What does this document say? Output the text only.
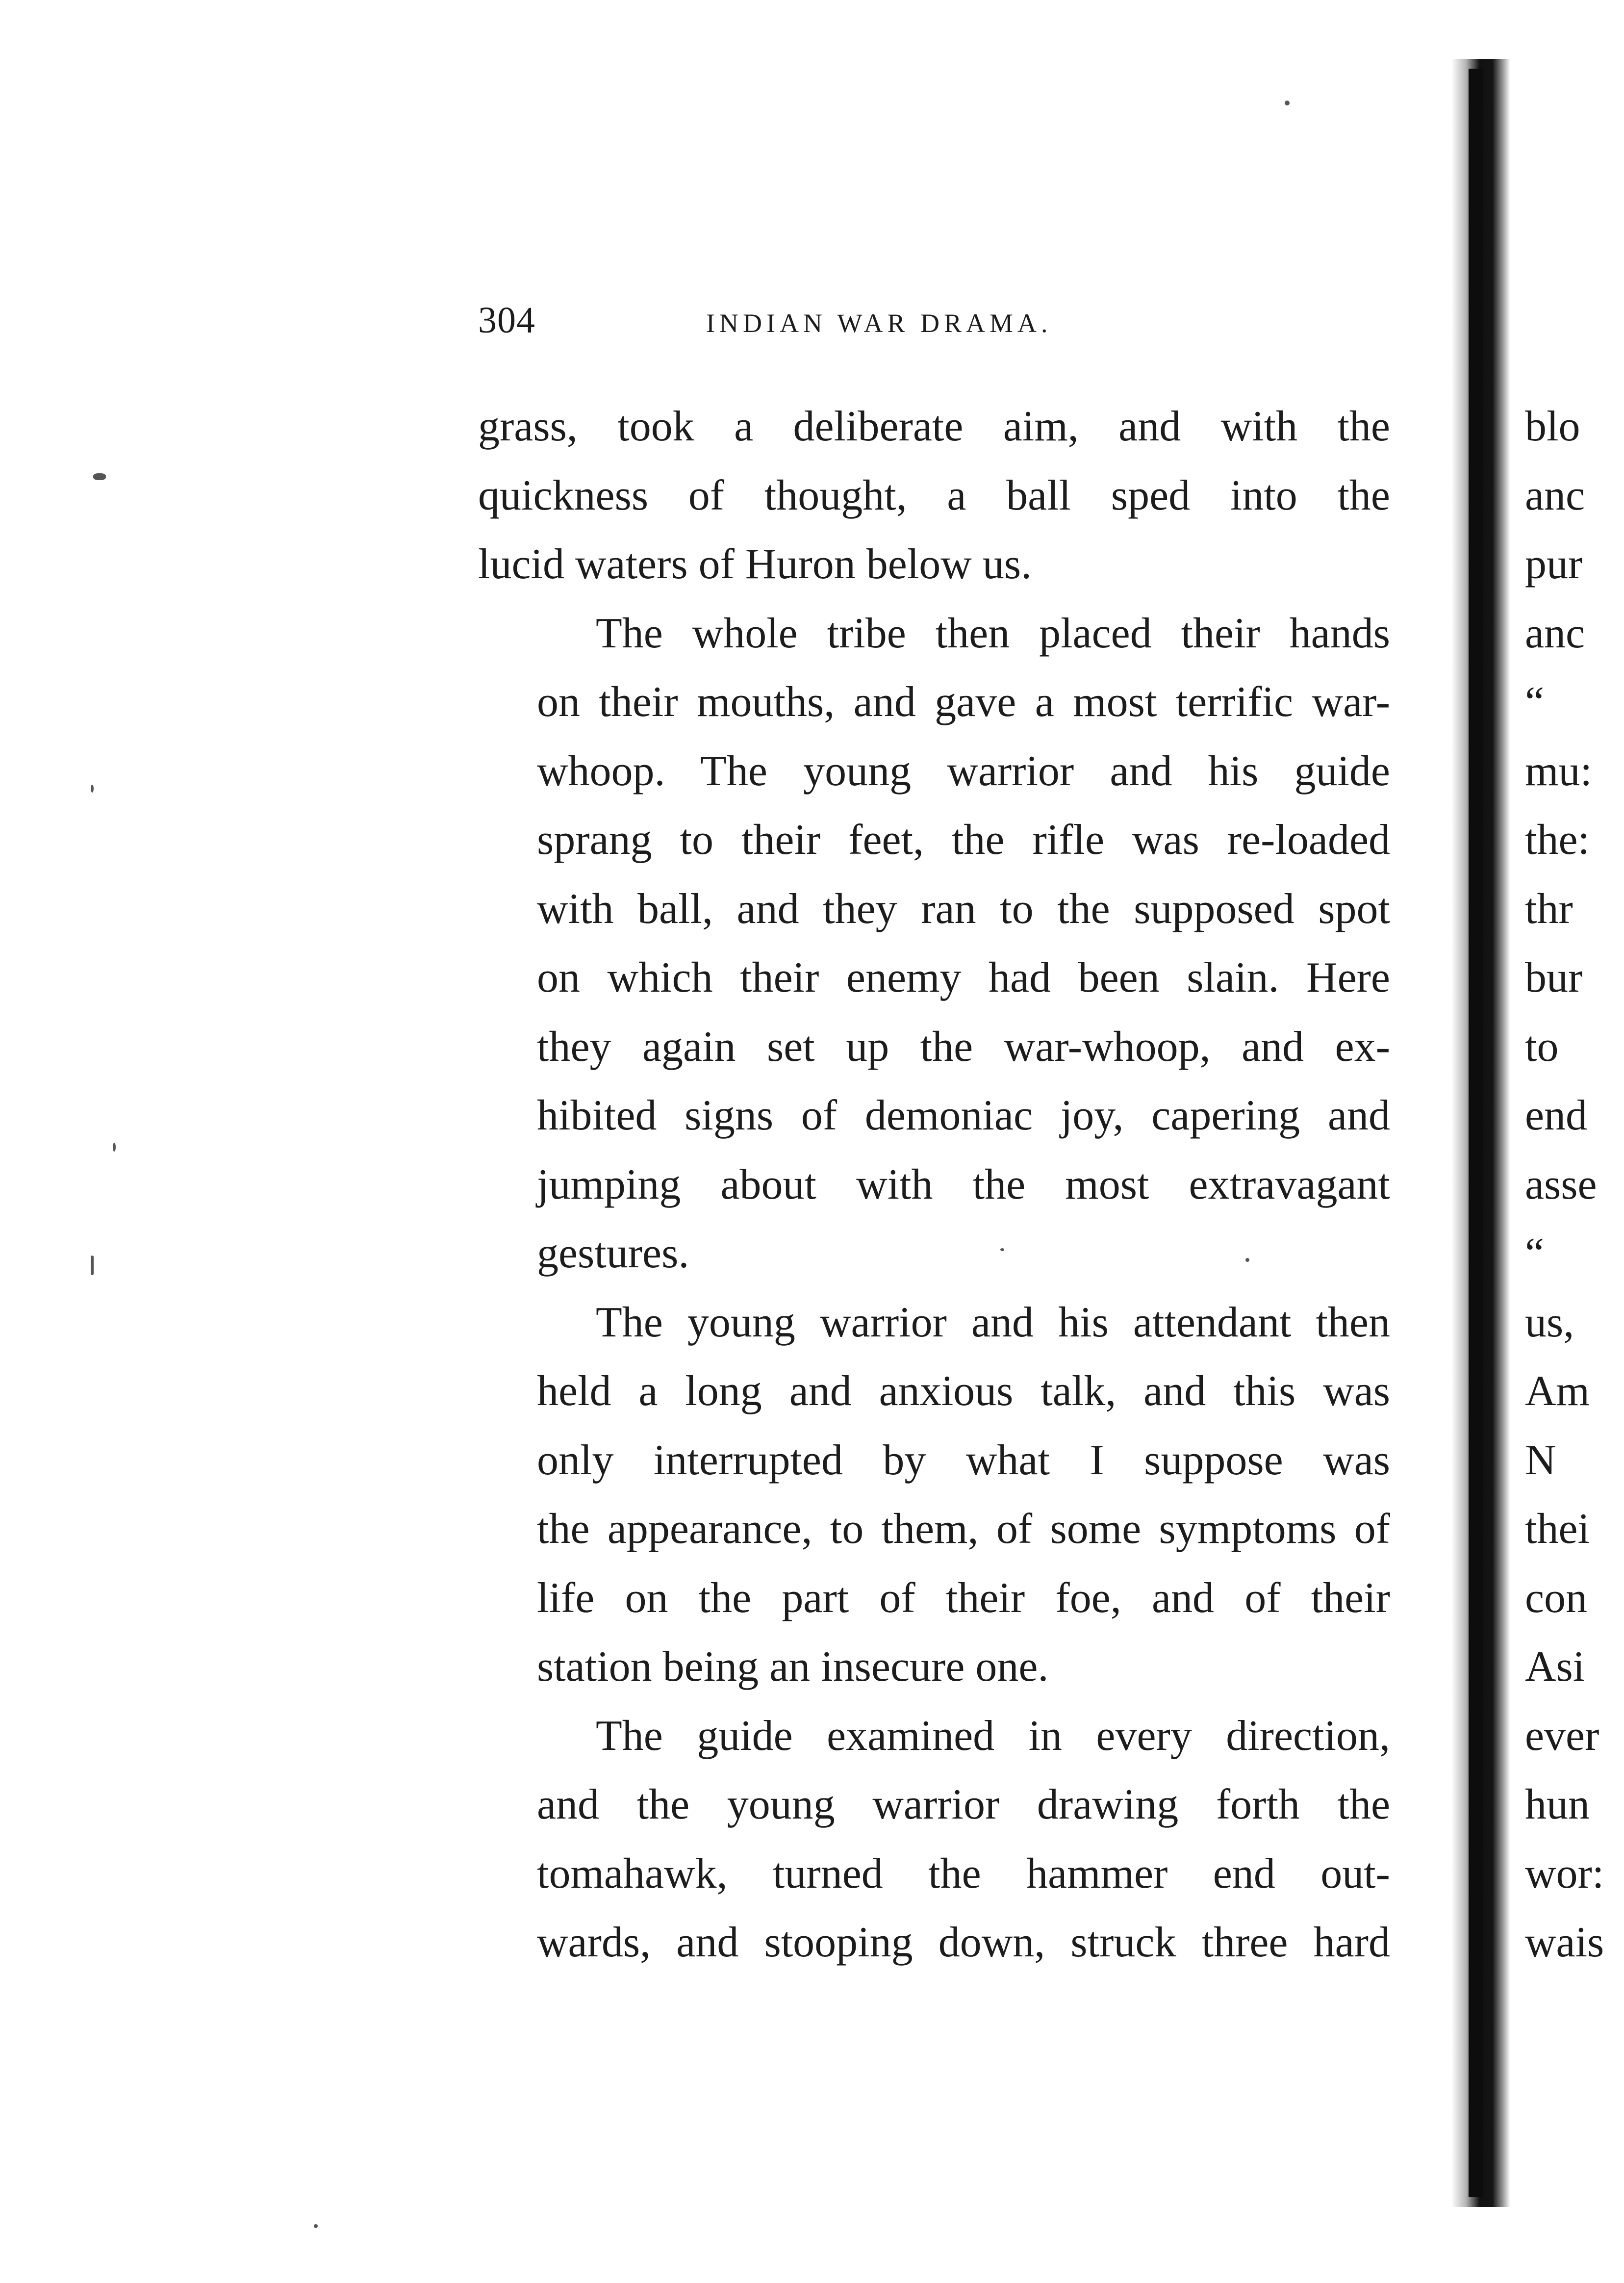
304	INDIAN WAR DRAMA.

grass, took a deliberate aim, and with the
quickness of thought, a ball sped into the
lucid waters of Huron below us.

The whole tribe then placed their hands
on their mouths, and gave a most terrific war-
whoop. The young warrior and his guide
sprang to their feet, the rifle was re-loaded
with ball, and they ran to the supposed spot
on which their enemy had been slain. Here
they again set up the war-whoop, and ex-
hibited signs of demoniac joy, capering and
jumping about with the most extravagant
gestures.

The young warrior and his attendant then
held a long and anxious talk, and this was
only interrupted by what I suppose was
the appearance, to them, of some symptoms of
life on the part of their foe, and of their
station being an insecure one.

The guide examined in every direction,
and the young warrior drawing forth the
tomahawk, turned the hammer end out-
wards, and stooping down, struck three hard

blo
anc
pur
anc
“
mu:
the:
thr
bur
to
end
asse
“
us,
Am
N
thei
con
Asi
ever
hun
wor:
wais
